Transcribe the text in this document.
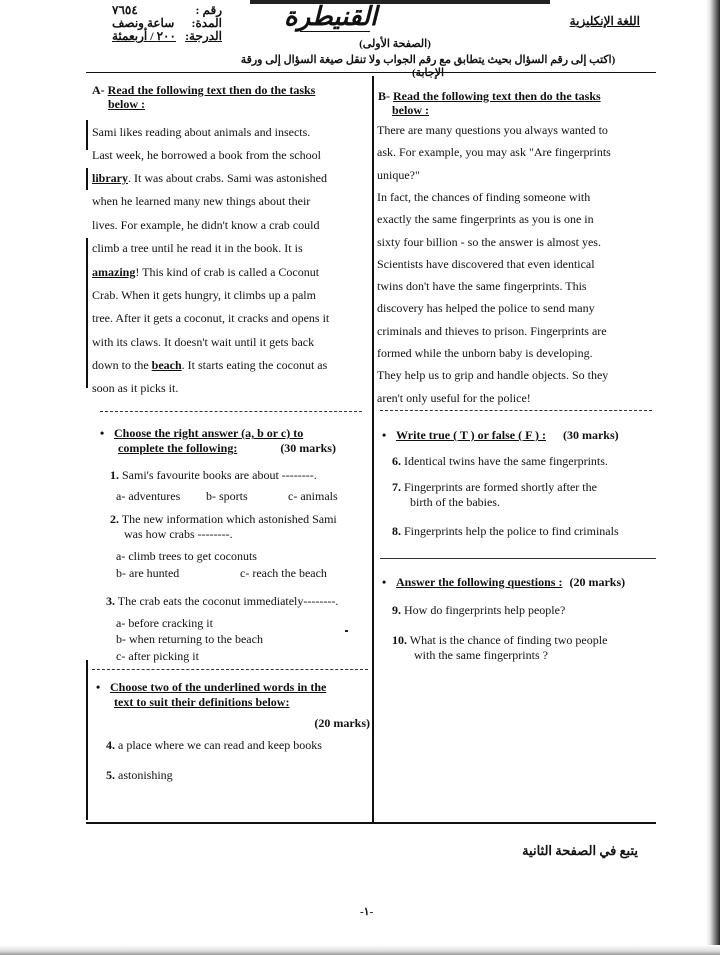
رقم :
٧٦٥٤
المدة:
ساعة ونصف
الدرجة:
٢٠٠ / أربعمئة
القنيطرة	اللغة الإنكليزية
(الصفحة الأولى)
(اكتب إلى رقم السؤال بحيث يتطابق مع رقم الجواب ولا تنقل صيغة السؤال إلى ورقة الإجابة)
A- Read the following text then do the tasks
below :

Sami likes reading about animals and insects.

Last week, he borrowed a book from the school

library. It was about crabs. Sami was astonished

when he learned many new things about their

lives. For example, he didn't know a crab could

climb a tree until he read it in the book. It is

amazing! This kind of crab is called a Coconut

Crab. When it gets hungry, it climbs up a palm

tree. After it gets a coconut, it cracks and opens it

with its claws. It doesn't wait until it gets back

down to the beach. It starts eating the coconut as

soon as it picks it.

• Choose the right answer (a, b or c) to
complete the following:	(30 marks)
1. Sami's favourite books are about --------.
a- adventures b- sports	c- animals
2. The new information which astonished Sami
was how crabs --------.
a- climb trees to get coconuts
b- are hunted	c- reach the beach
3. The crab eats the coconut immediately--------.
a- before cracking it
b- when returning to the beach
c- after picking it
• Choose two of the underlined words in the
text to suit their definitions below:

(20 marks)
4. a place where we can read and keep books
5. astonishing
B- Read the following text then do the tasks
below :

There are many questions you always wanted to

ask. For example, you may ask "Are fingerprints

unique?"

In fact, the chances of finding someone with

exactly the same fingerprints as you is one in

sixty four billion - so the answer is almost yes.

Scientists have discovered that even identical

twins don't have the same fingerprints. This

discovery has helped the police to send many

criminals and thieves to prison. Fingerprints are

formed while the unborn baby is developing.

They help us to grip and handle objects. So they

aren't only useful for the police!

• Write true ( T ) or false ( F ) : (30 marks)
6. Identical twins have the same fingerprints.
7. Fingerprints are formed shortly after the
birth of the babies.
8. Fingerprints help the police to find criminals
• Answer the following questions : (20 marks)
9. How do fingerprints help people?
10. What is the chance of finding two people
with the same fingerprints ?
يتبع في الصفحة الثانية
-١-
